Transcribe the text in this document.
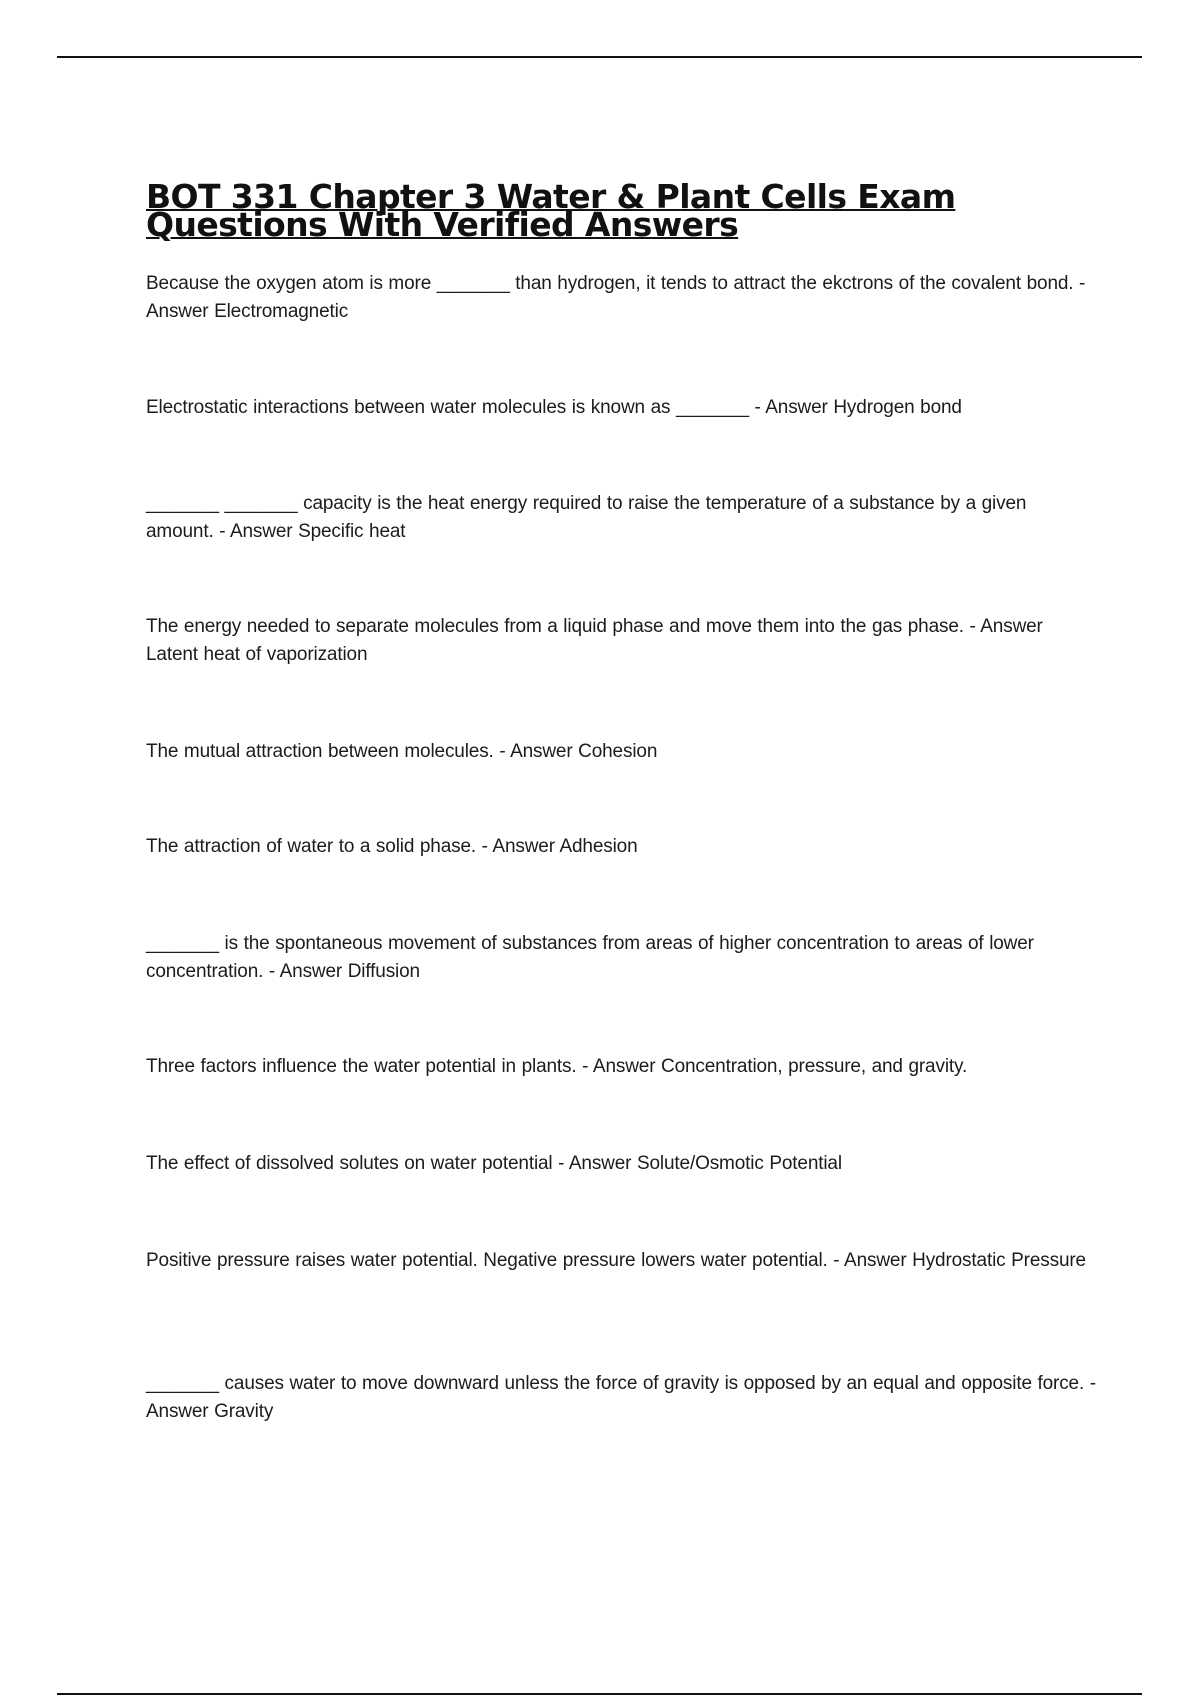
BOT 331 Chapter 3 Water & Plant Cells Exam Questions With Verified Answers
Because the oxygen atom is more _______ than hydrogen, it tends to attract the ekctrons of the covalent bond. - Answer Electromagnetic
Electrostatic interactions between water molecules is known as _______ - Answer Hydrogen bond
_______ _______ capacity is the heat energy required to raise the temperature of a substance by a given amount. - Answer Specific heat
The energy needed to separate molecules from a liquid phase and move them into the gas phase. - Answer Latent heat of vaporization
The mutual attraction between molecules. - Answer Cohesion
The attraction of water to a solid phase. - Answer Adhesion
_______ is the spontaneous movement of substances from areas of higher concentration to areas of lower concentration. - Answer Diffusion
Three factors influence the water potential in plants. - Answer Concentration, pressure, and gravity.
The effect of dissolved solutes on water potential - Answer Solute/Osmotic Potential
Positive pressure raises water potential. Negative pressure lowers water potential. - Answer Hydrostatic Pressure
_______ causes water to move downward unless the force of gravity is opposed by an equal and opposite force. - Answer Gravity
